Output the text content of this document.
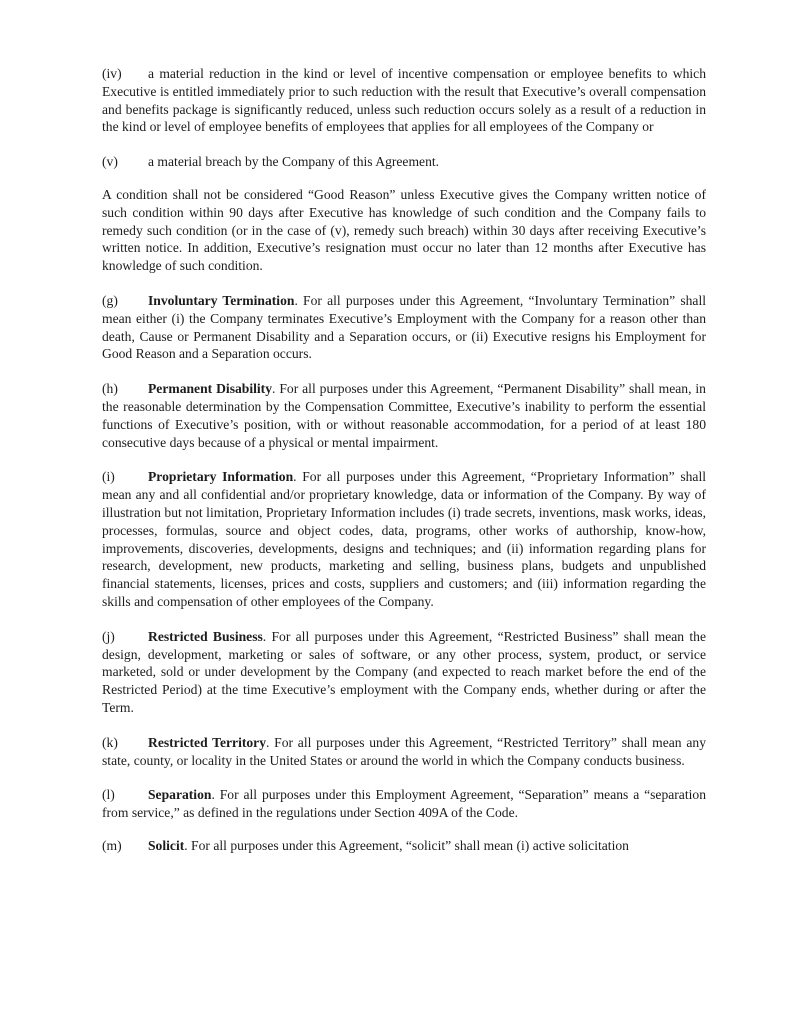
(iv) a material reduction in the kind or level of incentive compensation or employee benefits to which Executive is entitled immediately prior to such reduction with the result that Executive’s overall compensation and benefits package is significantly reduced, unless such reduction occurs solely as a result of a reduction in the kind or level of employee benefits of employees that applies for all employees of the Company or

(v) a material breach by the Company of this Agreement.

A condition shall not be considered “Good Reason” unless Executive gives the Company written notice of such condition within 90 days after Executive has knowledge of such condition and the Company fails to remedy such condition (or in the case of (v), remedy such breach) within 30 days after receiving Executive’s written notice. In addition, Executive’s resignation must occur no later than 12 months after Executive has knowledge of such condition.

(g) Involuntary Termination. For all purposes under this Agreement, “Involuntary Termination” shall mean either (i) the Company terminates Executive’s Employment with the Company for a reason other than death, Cause or Permanent Disability and a Separation occurs, or (ii) Executive resigns his Employment for Good Reason and a Separation occurs.

(h) Permanent Disability. For all purposes under this Agreement, “Permanent Disability” shall mean, in the reasonable determination by the Compensation Committee, Executive’s inability to perform the essential functions of Executive’s position, with or without reasonable accommodation, for a period of at least 180 consecutive days because of a physical or mental impairment.

(i) Proprietary Information. For all purposes under this Agreement, “Proprietary Information” shall mean any and all confidential and/or proprietary knowledge, data or information of the Company. By way of illustration but not limitation, Proprietary Information includes (i) trade secrets, inventions, mask works, ideas, processes, formulas, source and object codes, data, programs, other works of authorship, know-how, improvements, discoveries, developments, designs and techniques; and (ii) information regarding plans for research, development, new products, marketing and selling, business plans, budgets and unpublished financial statements, licenses, prices and costs, suppliers and customers; and (iii) information regarding the skills and compensation of other employees of the Company.

(j) Restricted Business. For all purposes under this Agreement, “Restricted Business” shall mean the design, development, marketing or sales of software, or any other process, system, product, or service marketed, sold or under development by the Company (and expected to reach market before the end of the Restricted Period) at the time Executive’s employment with the Company ends, whether during or after the Term.

(k) Restricted Territory. For all purposes under this Agreement, “Restricted Territory” shall mean any state, county, or locality in the United States or around the world in which the Company conducts business.

(l) Separation. For all purposes under this Employment Agreement, “Separation” means a “separation from service,” as defined in the regulations under Section 409A of the Code.

(m) Solicit. For all purposes under this Agreement, “solicit” shall mean (i) active solicitation
